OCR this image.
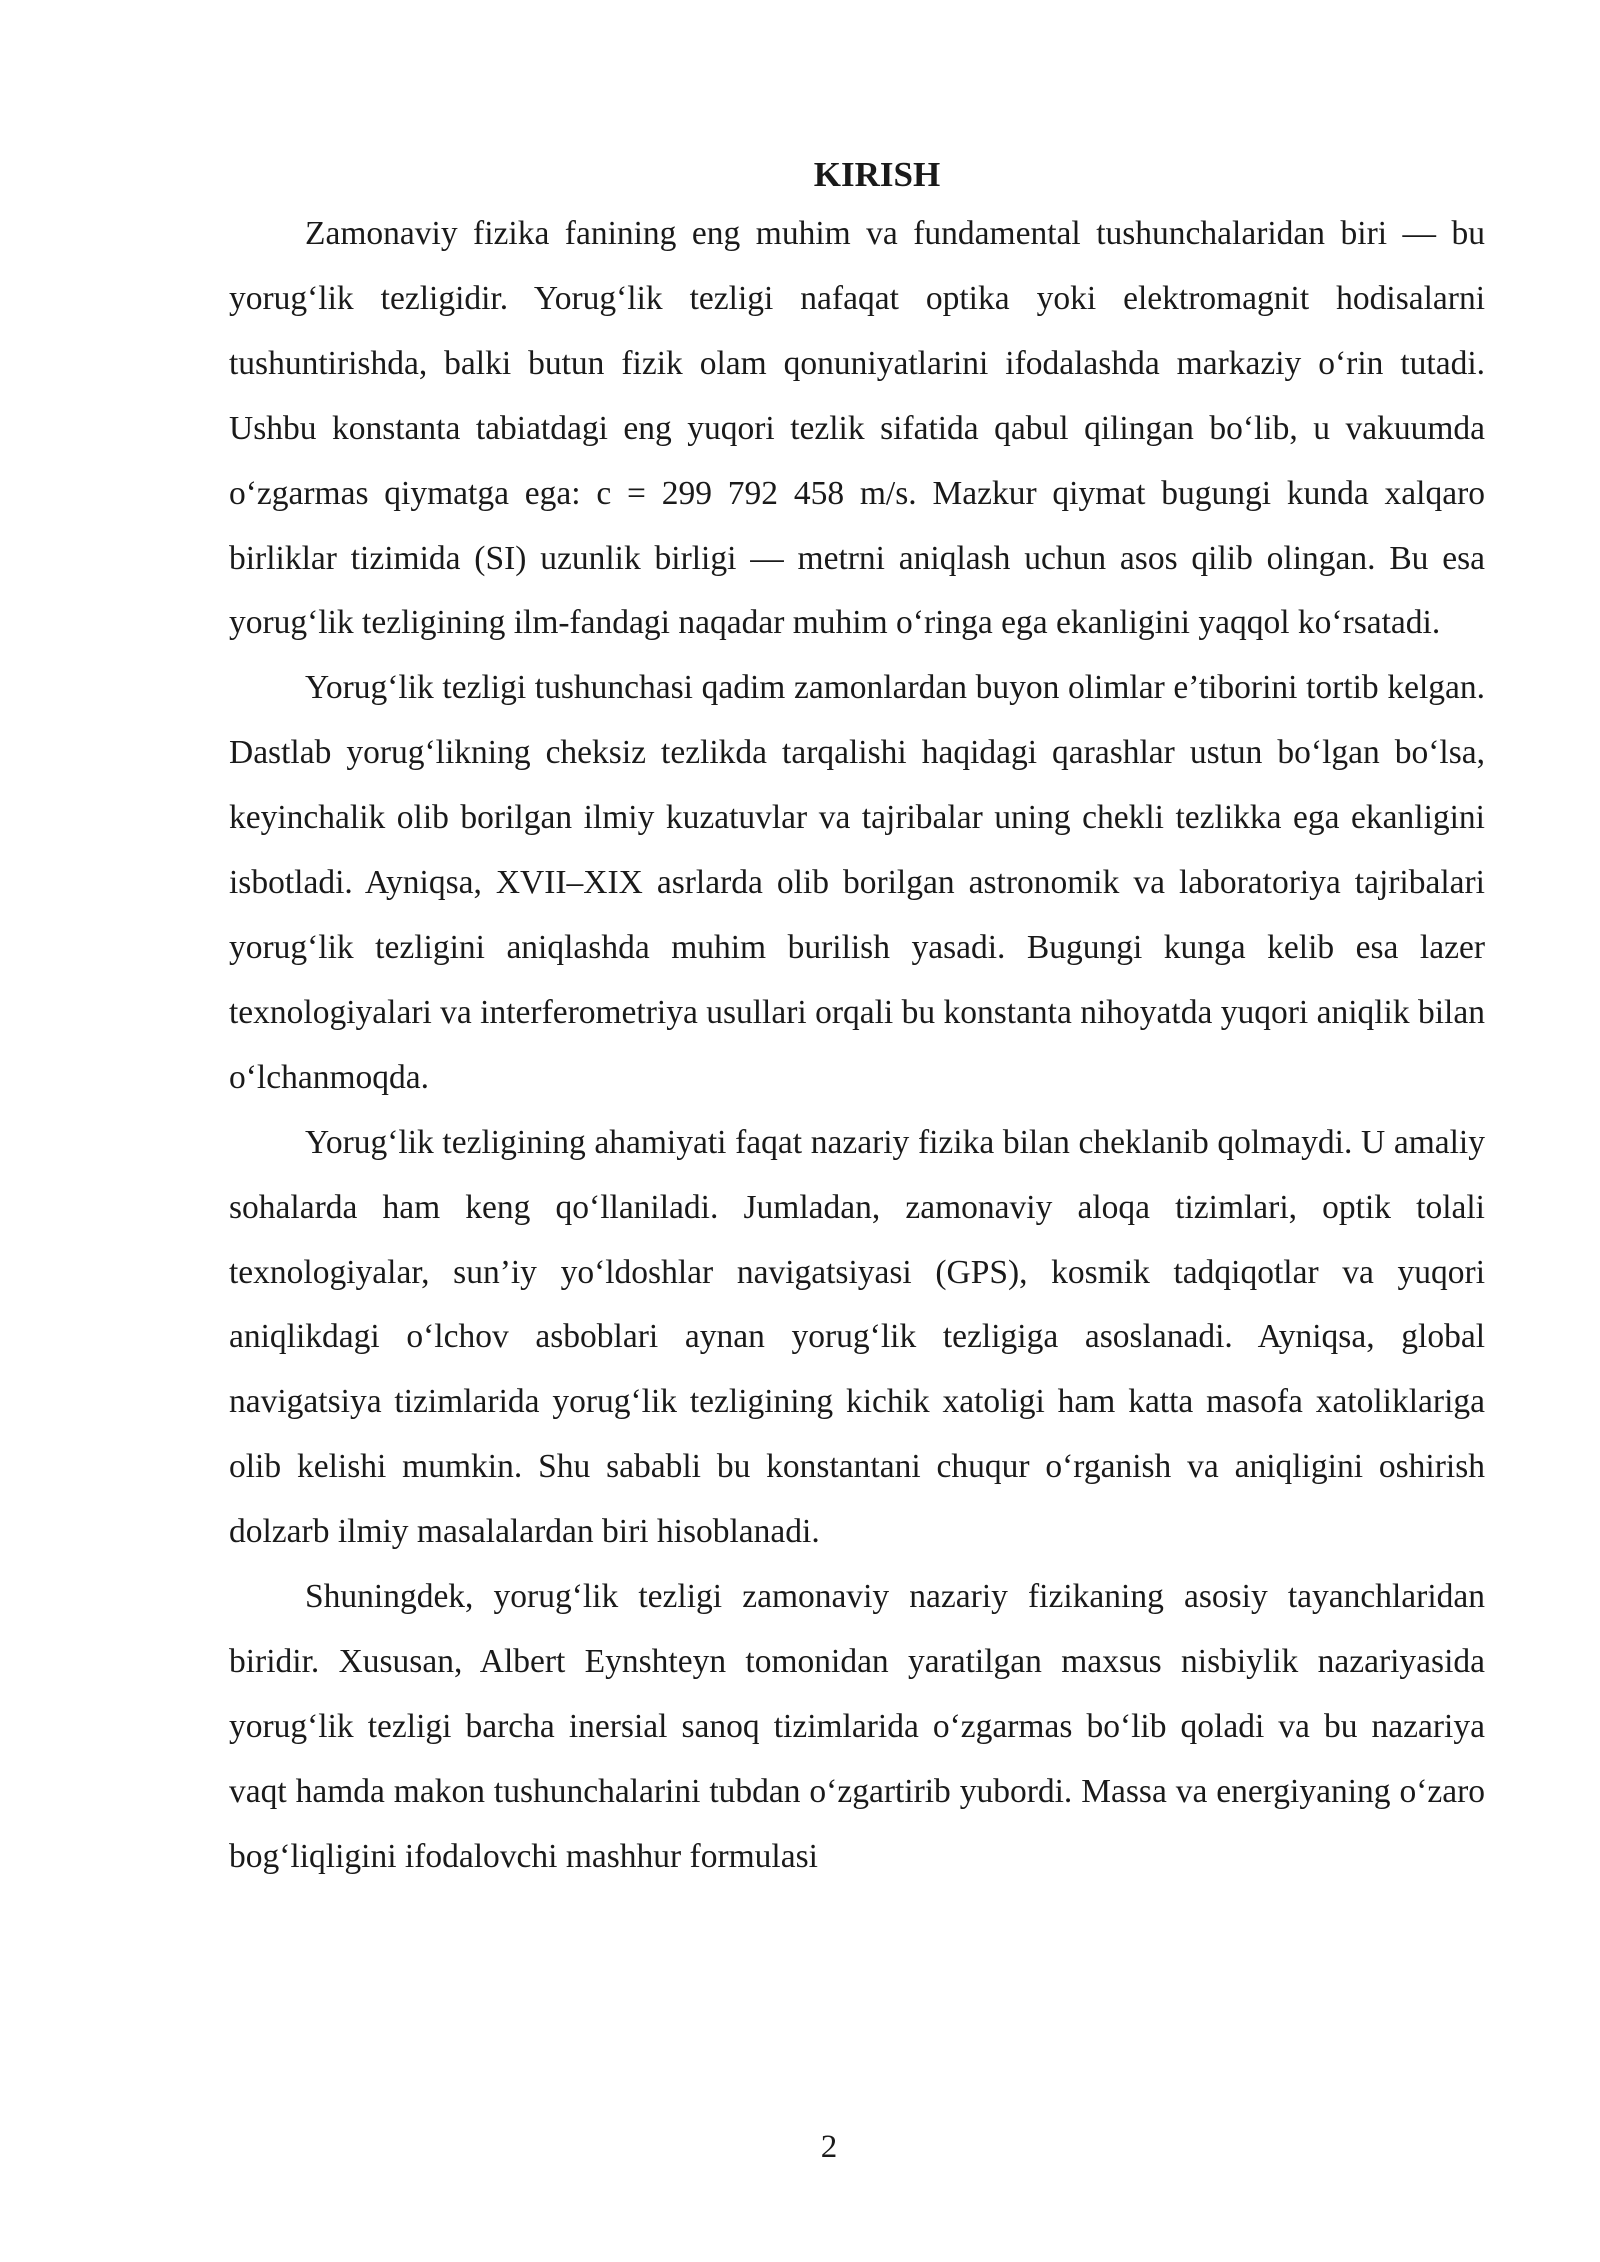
KIRISH

Zamonaviy fizika fanining eng muhim va fundamental tushunchalaridan biri — bu yorug‘lik tezligidir. Yorug‘lik tezligi nafaqat optika yoki elektromagnit hodisalarni tushuntirishda, balki butun fizik olam qonuniyatlarini ifodalashda markaziy o‘rin tutadi. Ushbu konstanta tabiatdagi eng yuqori tezlik sifatida qabul qilingan bo‘lib, u vakuumda o‘zgarmas qiymatga ega: c = 299 792 458 m/s. Mazkur qiymat bugungi kunda xalqaro birliklar tizimida (SI) uzunlik birligi — metrni aniqlash uchun asos qilib olingan. Bu esa yorug‘lik tezligining ilm-fandagi naqadar muhim o‘ringa ega ekanligini yaqqol ko‘rsatadi.

Yorug‘lik tezligi tushunchasi qadim zamonlardan buyon olimlar e’tiborini tortib kelgan. Dastlab yorug‘likning cheksiz tezlikda tarqalishi haqidagi qarashlar ustun bo‘lgan bo‘lsa, keyinchalik olib borilgan ilmiy kuzatuvlar va tajribalar uning chekli tezlikka ega ekanligini isbotladi. Ayniqsa, XVII–XIX asrlarda olib borilgan astronomik va laboratoriya tajribalari yorug‘lik tezligini aniqlashda muhim burilish yasadi. Bugungi kunga kelib esa lazer texnologiyalari va interferometriya usullari orqali bu konstanta nihoyatda yuqori aniqlik bilan o‘lchanmoqda.

Yorug‘lik tezligining ahamiyati faqat nazariy fizika bilan cheklanib qolmaydi. U amaliy sohalarda ham keng qo‘llaniladi. Jumladan, zamonaviy aloqa tizimlari, optik tolali texnologiyalar, sun’iy yo‘ldoshlar navigatsiyasi (GPS), kosmik tadqiqotlar va yuqori aniqlikdagi o‘lchov asboblari aynan yorug‘lik tezligiga asoslanadi. Ayniqsa, global navigatsiya tizimlarida yorug‘lik tezligining kichik xatoligi ham katta masofa xatoliklariga olib kelishi mumkin. Shu sababli bu konstantani chuqur o‘rganish va aniqligini oshirish dolzarb ilmiy masalalardan biri hisoblanadi.

Shuningdek, yorug‘lik tezligi zamonaviy nazariy fizikaning asosiy tayanchlaridan biridir. Xususan, Albert Eynshteyn tomonidan yaratilgan maxsus nisbiylik nazariyasida yorug‘lik tezligi barcha inersial sanoq tizimlarida o‘zgarmas bo‘lib qoladi va bu nazariya vaqt hamda makon tushunchalarini tubdan o‘zgartirib yubordi. Massa va energiyaning o‘zaro bog‘liqligini ifodalovchi mashhur formulasi

2
